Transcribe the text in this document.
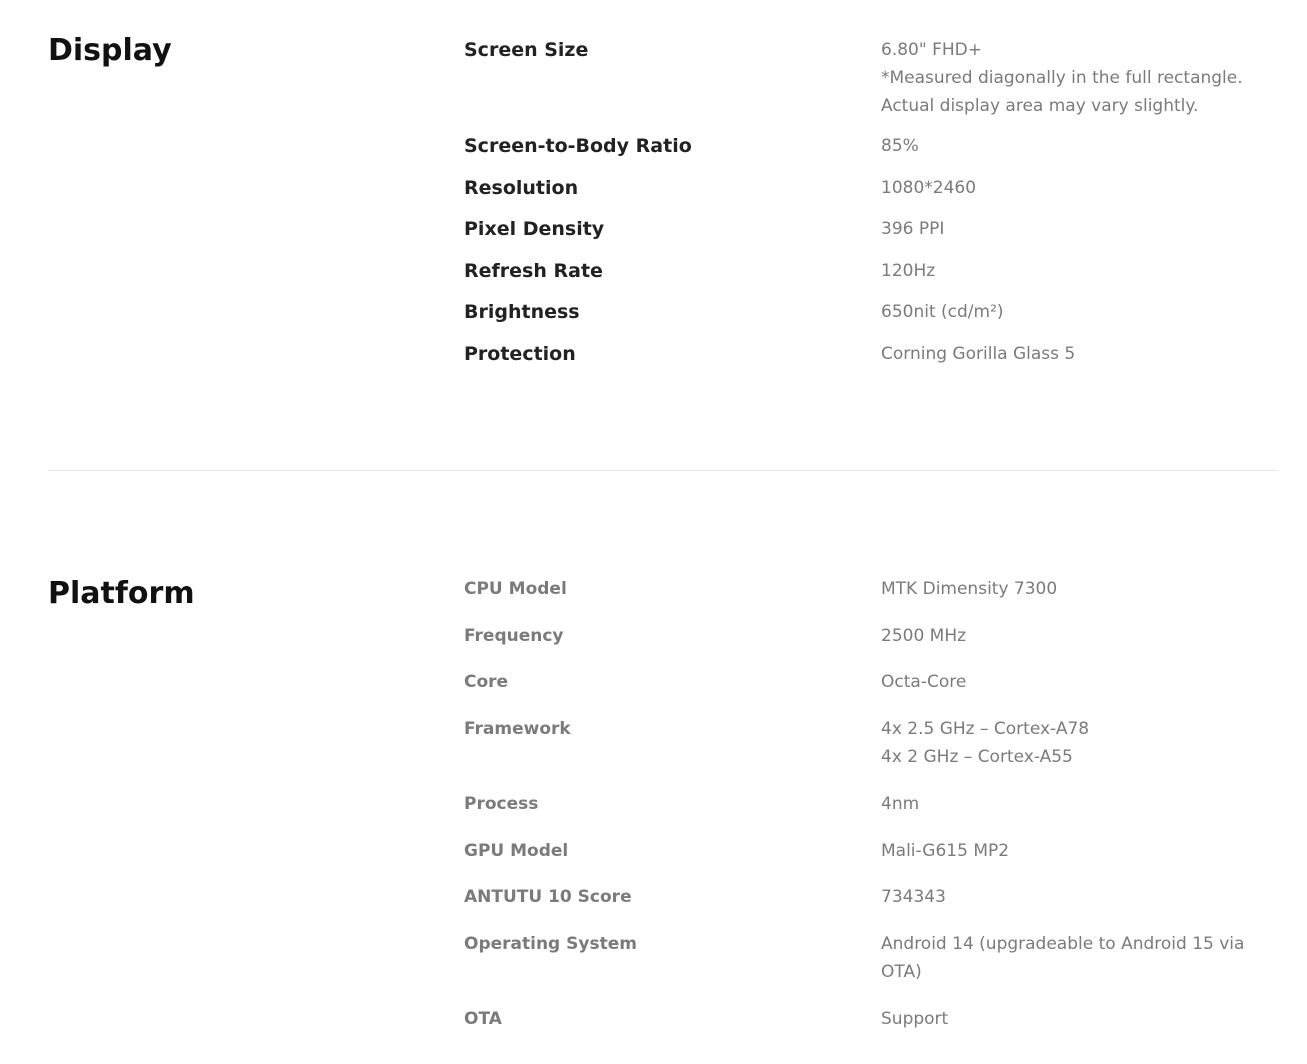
Display	Screen Size	6.80" FHD+
*Measured diagonally in the full rectangle.
Actual display area may vary slightly.
Screen-to-Body Ratio	85%
Resolution	1080*2460
Pixel Density	396 PPI
Refresh Rate	120Hz
Brightness	650nit (cd/m²)
Protection	Corning Gorilla Glass 5
Platform	CPU Model	MTK Dimensity 7300
Frequency	2500 MHz
Core	Octa-Core
Framework	4x 2.5 GHz – Cortex-A78
4x 2 GHz – Cortex-A55
Process	4nm
GPU Model	Mali-G615 MP2
ANTUTU 10 Score	734343
Operating System	Android 14 (upgradeable to Android 15 via
OTA)
OTA	Support
